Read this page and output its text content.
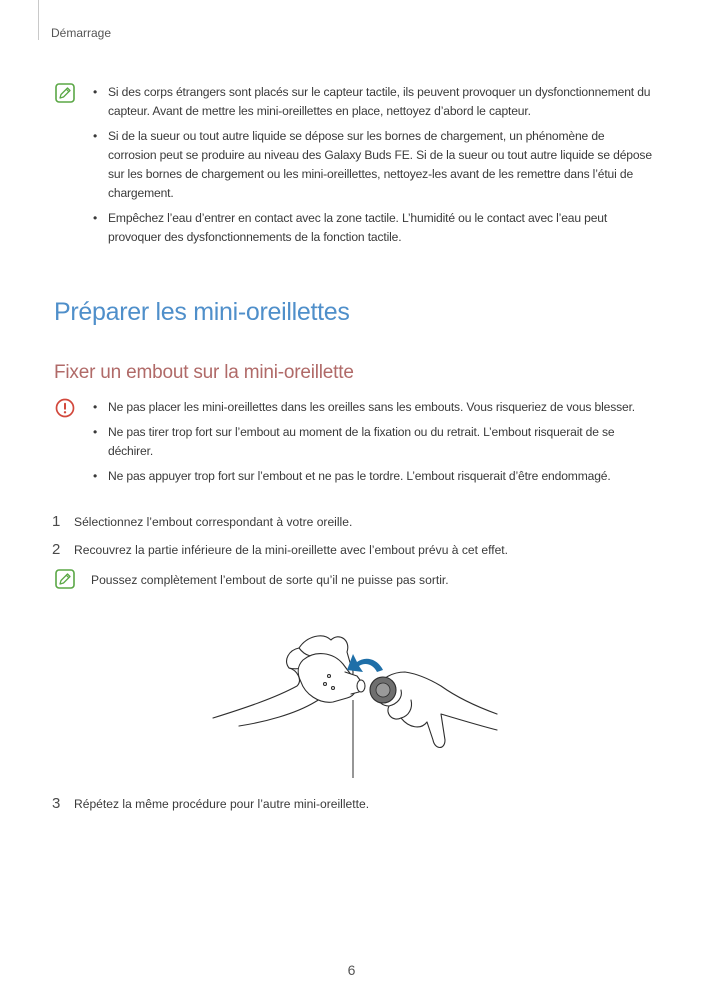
Démarrage
• Si des corps étrangers sont placés sur le capteur tactile, ils peuvent provoquer un dysfonctionnement du capteur. Avant de mettre les mini-oreillettes en place, nettoyez d’abord le capteur.
• Si de la sueur ou tout autre liquide se dépose sur les bornes de chargement, un phénomène de corrosion peut se produire au niveau des Galaxy Buds FE. Si de la sueur ou tout autre liquide se dépose sur les bornes de chargement ou les mini-oreillettes, nettoyez-les avant de les remettre dans l’étui de chargement.
• Empêchez l’eau d’entrer en contact avec la zone tactile. L’humidité ou le contact avec l’eau peut provoquer des dysfonctionnements de la fonction tactile.
Préparer les mini-oreillettes
Fixer un embout sur la mini-oreillette
• Ne pas placer les mini-oreillettes dans les oreilles sans les embouts. Vous risqueriez de vous blesser.
• Ne pas tirer trop fort sur l’embout au moment de la fixation ou du retrait. L’embout risquerait de se déchirer.
• Ne pas appuyer trop fort sur l’embout et ne pas le tordre. L’embout risquerait d’être endommagé.
1 Sélectionnez l’embout correspondant à votre oreille.
2 Recouvrez la partie inférieure de la mini-oreillette avec l’embout prévu à cet effet.
Poussez complètement l’embout de sorte qu’il ne puisse pas sortir.
3 Répétez la même procédure pour l’autre mini-oreillette.
6
